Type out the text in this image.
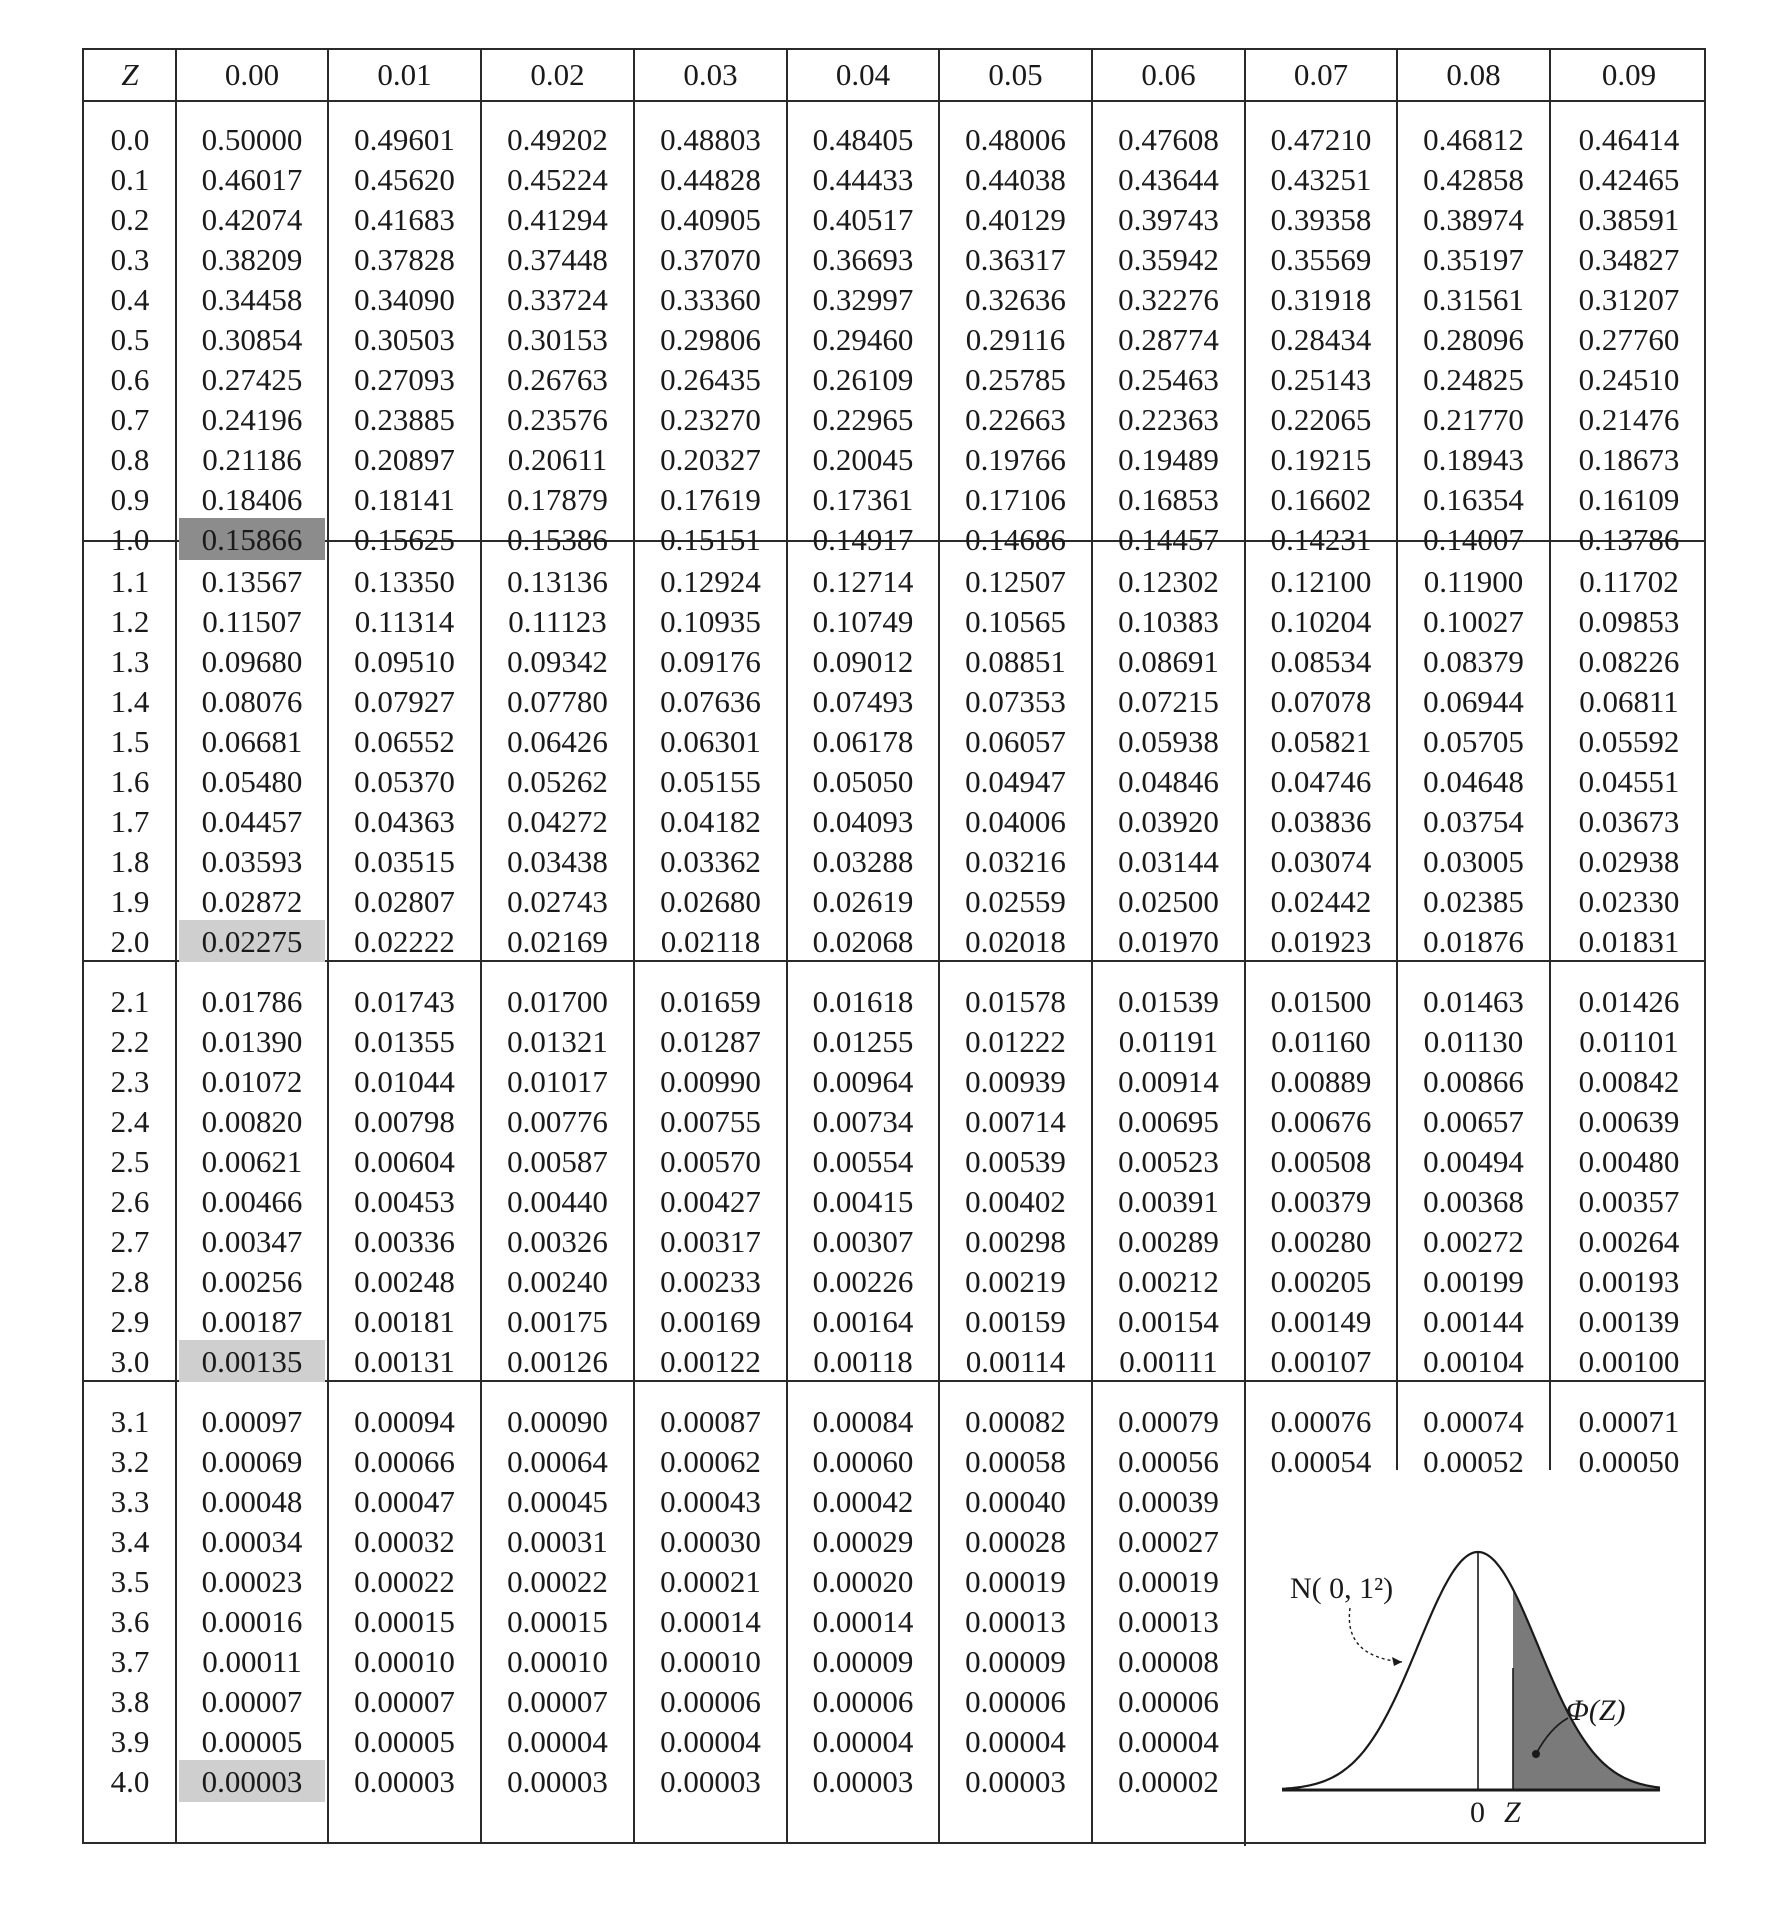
Z	0.00	0.01	0.02	0.03	0.04	0.05	0.06	0.07	0.08	0.09
0.0	0.50000	0.49601	0.49202	0.48803	0.48405	0.48006	0.47608	0.47210	0.46812	0.46414
0.1	0.46017	0.45620	0.45224	0.44828	0.44433	0.44038	0.43644	0.43251	0.42858	0.42465
0.2	0.42074	0.41683	0.41294	0.40905	0.40517	0.40129	0.39743	0.39358	0.38974	0.38591
0.3	0.38209	0.37828	0.37448	0.37070	0.36693	0.36317	0.35942	0.35569	0.35197	0.34827
0.4	0.34458	0.34090	0.33724	0.33360	0.32997	0.32636	0.32276	0.31918	0.31561	0.31207
0.5	0.30854	0.30503	0.30153	0.29806	0.29460	0.29116	0.28774	0.28434	0.28096	0.27760
0.6	0.27425	0.27093	0.26763	0.26435	0.26109	0.25785	0.25463	0.25143	0.24825	0.24510
0.7	0.24196	0.23885	0.23576	0.23270	0.22965	0.22663	0.22363	0.22065	0.21770	0.21476
0.8	0.21186	0.20897	0.20611	0.20327	0.20045	0.19766	0.19489	0.19215	0.18943	0.18673
0.9	0.18406	0.18141	0.17879	0.17619	0.17361	0.17106	0.16853	0.16602	0.16354	0.16109
1.0	0.15866	0.15625	0.15386	0.15151	0.14917	0.14686	0.14457	0.14231	0.14007	0.13786
1.1	0.13567	0.13350	0.13136	0.12924	0.12714	0.12507	0.12302	0.12100	0.11900	0.11702
1.2	0.11507	0.11314	0.11123	0.10935	0.10749	0.10565	0.10383	0.10204	0.10027	0.09853
1.3	0.09680	0.09510	0.09342	0.09176	0.09012	0.08851	0.08691	0.08534	0.08379	0.08226
1.4	0.08076	0.07927	0.07780	0.07636	0.07493	0.07353	0.07215	0.07078	0.06944	0.06811
1.5	0.06681	0.06552	0.06426	0.06301	0.06178	0.06057	0.05938	0.05821	0.05705	0.05592
1.6	0.05480	0.05370	0.05262	0.05155	0.05050	0.04947	0.04846	0.04746	0.04648	0.04551
1.7	0.04457	0.04363	0.04272	0.04182	0.04093	0.04006	0.03920	0.03836	0.03754	0.03673
1.8	0.03593	0.03515	0.03438	0.03362	0.03288	0.03216	0.03144	0.03074	0.03005	0.02938
1.9	0.02872	0.02807	0.02743	0.02680	0.02619	0.02559	0.02500	0.02442	0.02385	0.02330
2.0	0.02275	0.02222	0.02169	0.02118	0.02068	0.02018	0.01970	0.01923	0.01876	0.01831
2.1	0.01786	0.01743	0.01700	0.01659	0.01618	0.01578	0.01539	0.01500	0.01463	0.01426
2.2	0.01390	0.01355	0.01321	0.01287	0.01255	0.01222	0.01191	0.01160	0.01130	0.01101
2.3	0.01072	0.01044	0.01017	0.00990	0.00964	0.00939	0.00914	0.00889	0.00866	0.00842
2.4	0.00820	0.00798	0.00776	0.00755	0.00734	0.00714	0.00695	0.00676	0.00657	0.00639
2.5	0.00621	0.00604	0.00587	0.00570	0.00554	0.00539	0.00523	0.00508	0.00494	0.00480
2.6	0.00466	0.00453	0.00440	0.00427	0.00415	0.00402	0.00391	0.00379	0.00368	0.00357
2.7	0.00347	0.00336	0.00326	0.00317	0.00307	0.00298	0.00289	0.00280	0.00272	0.00264
2.8	0.00256	0.00248	0.00240	0.00233	0.00226	0.00219	0.00212	0.00205	0.00199	0.00193
2.9	0.00187	0.00181	0.00175	0.00169	0.00164	0.00159	0.00154	0.00149	0.00144	0.00139
3.0	0.00135	0.00131	0.00126	0.00122	0.00118	0.00114	0.00111	0.00107	0.00104	0.00100
3.1	0.00097	0.00094	0.00090	0.00087	0.00084	0.00082	0.00079	0.00076	0.00074	0.00071
3.2	0.00069	0.00066	0.00064	0.00062	0.00060	0.00058	0.00056	0.00054	0.00052	0.00050
3.3	0.00048	0.00047	0.00045	0.00043	0.00042	0.00040	0.00039
3.4	0.00034	0.00032	0.00031	0.00030	0.00029	0.00028	0.00027
3.5	0.00023	0.00022	0.00022	0.00021	0.00020	0.00019	0.00019
3.6	0.00016	0.00015	0.00015	0.00014	0.00014	0.00013	0.00013
3.7	0.00011	0.00010	0.00010	0.00010	0.00009	0.00009	0.00008
3.8	0.00007	0.00007	0.00007	0.00006	0.00006	0.00006	0.00006
3.9	0.00005	0.00005	0.00004	0.00004	0.00004	0.00004	0.00004
4.0	0.00003	0.00003	0.00003	0.00003	0.00003	0.00003	0.00002
N( 0, 1²)
Φ(Z)
0 Z
